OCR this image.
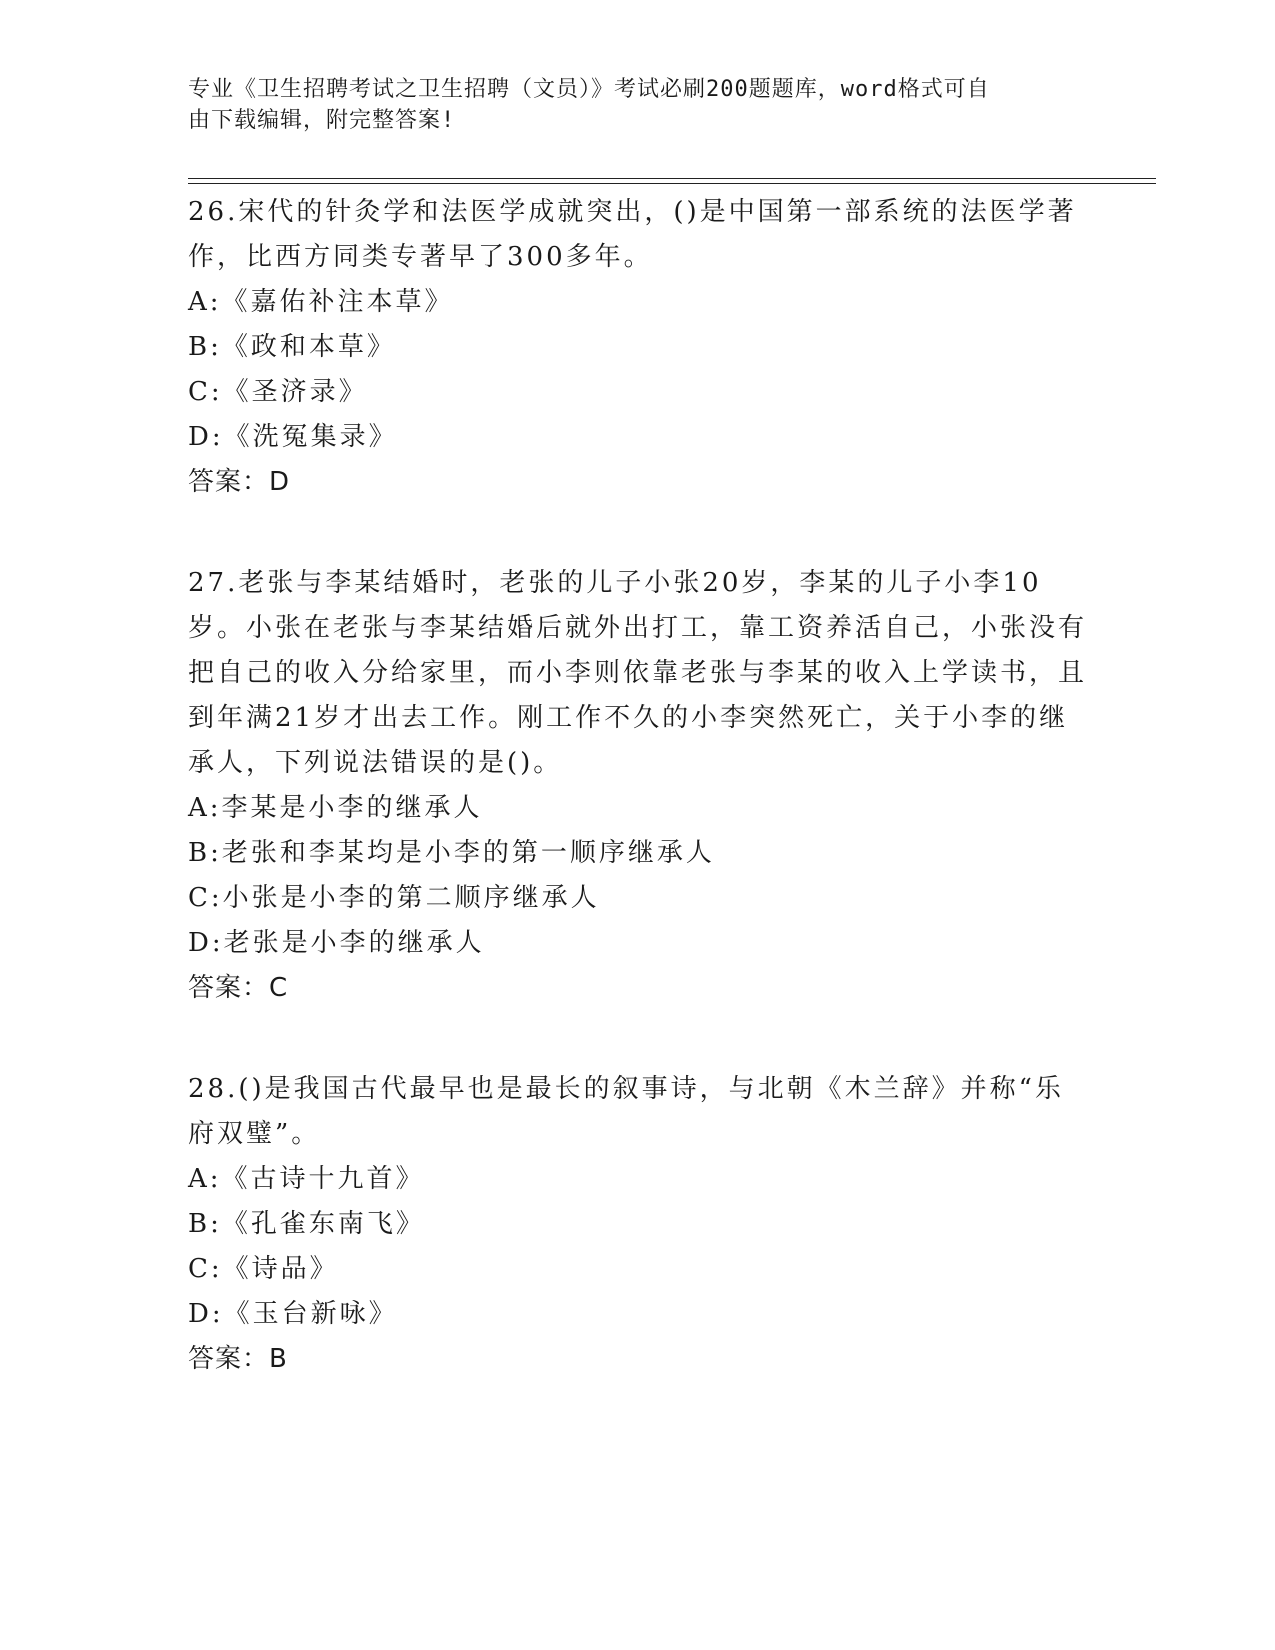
专业《卫生招聘考试之卫生招聘（文员）》考试必刷200题题库，word格式可自
由下载编辑，附完整答案!

26.宋代的针灸学和法医学成就突出，()是中国第一部系统的法医学著作，比西方同类专著早了300多年。

A:《嘉佑补注本草》

B:《政和本草》

C:《圣济录》

D:《洗冤集录》

答案：D

27.老张与李某结婚时，老张的儿子小张20岁，李某的儿子小李10岁。小张在老张与李某结婚后就外出打工，靠工资养活自己，小张没有把自己的收入分给家里，而小李则依靠老张与李某的收入上学读书，且到年满21岁才出去工作。刚工作不久的小李突然死亡，关于小李的继承人，下列说法错误的是()。

A:李某是小李的继承人

B:老张和李某均是小李的第一顺序继承人

C:小张是小李的第二顺序继承人

D:老张是小李的继承人

答案：C

28.()是我国古代最早也是最长的叙事诗，与北朝《木兰辞》并称“乐府双璧”。

A:《古诗十九首》

B:《孔雀东南飞》

C:《诗品》

D:《玉台新咏》

答案：B
